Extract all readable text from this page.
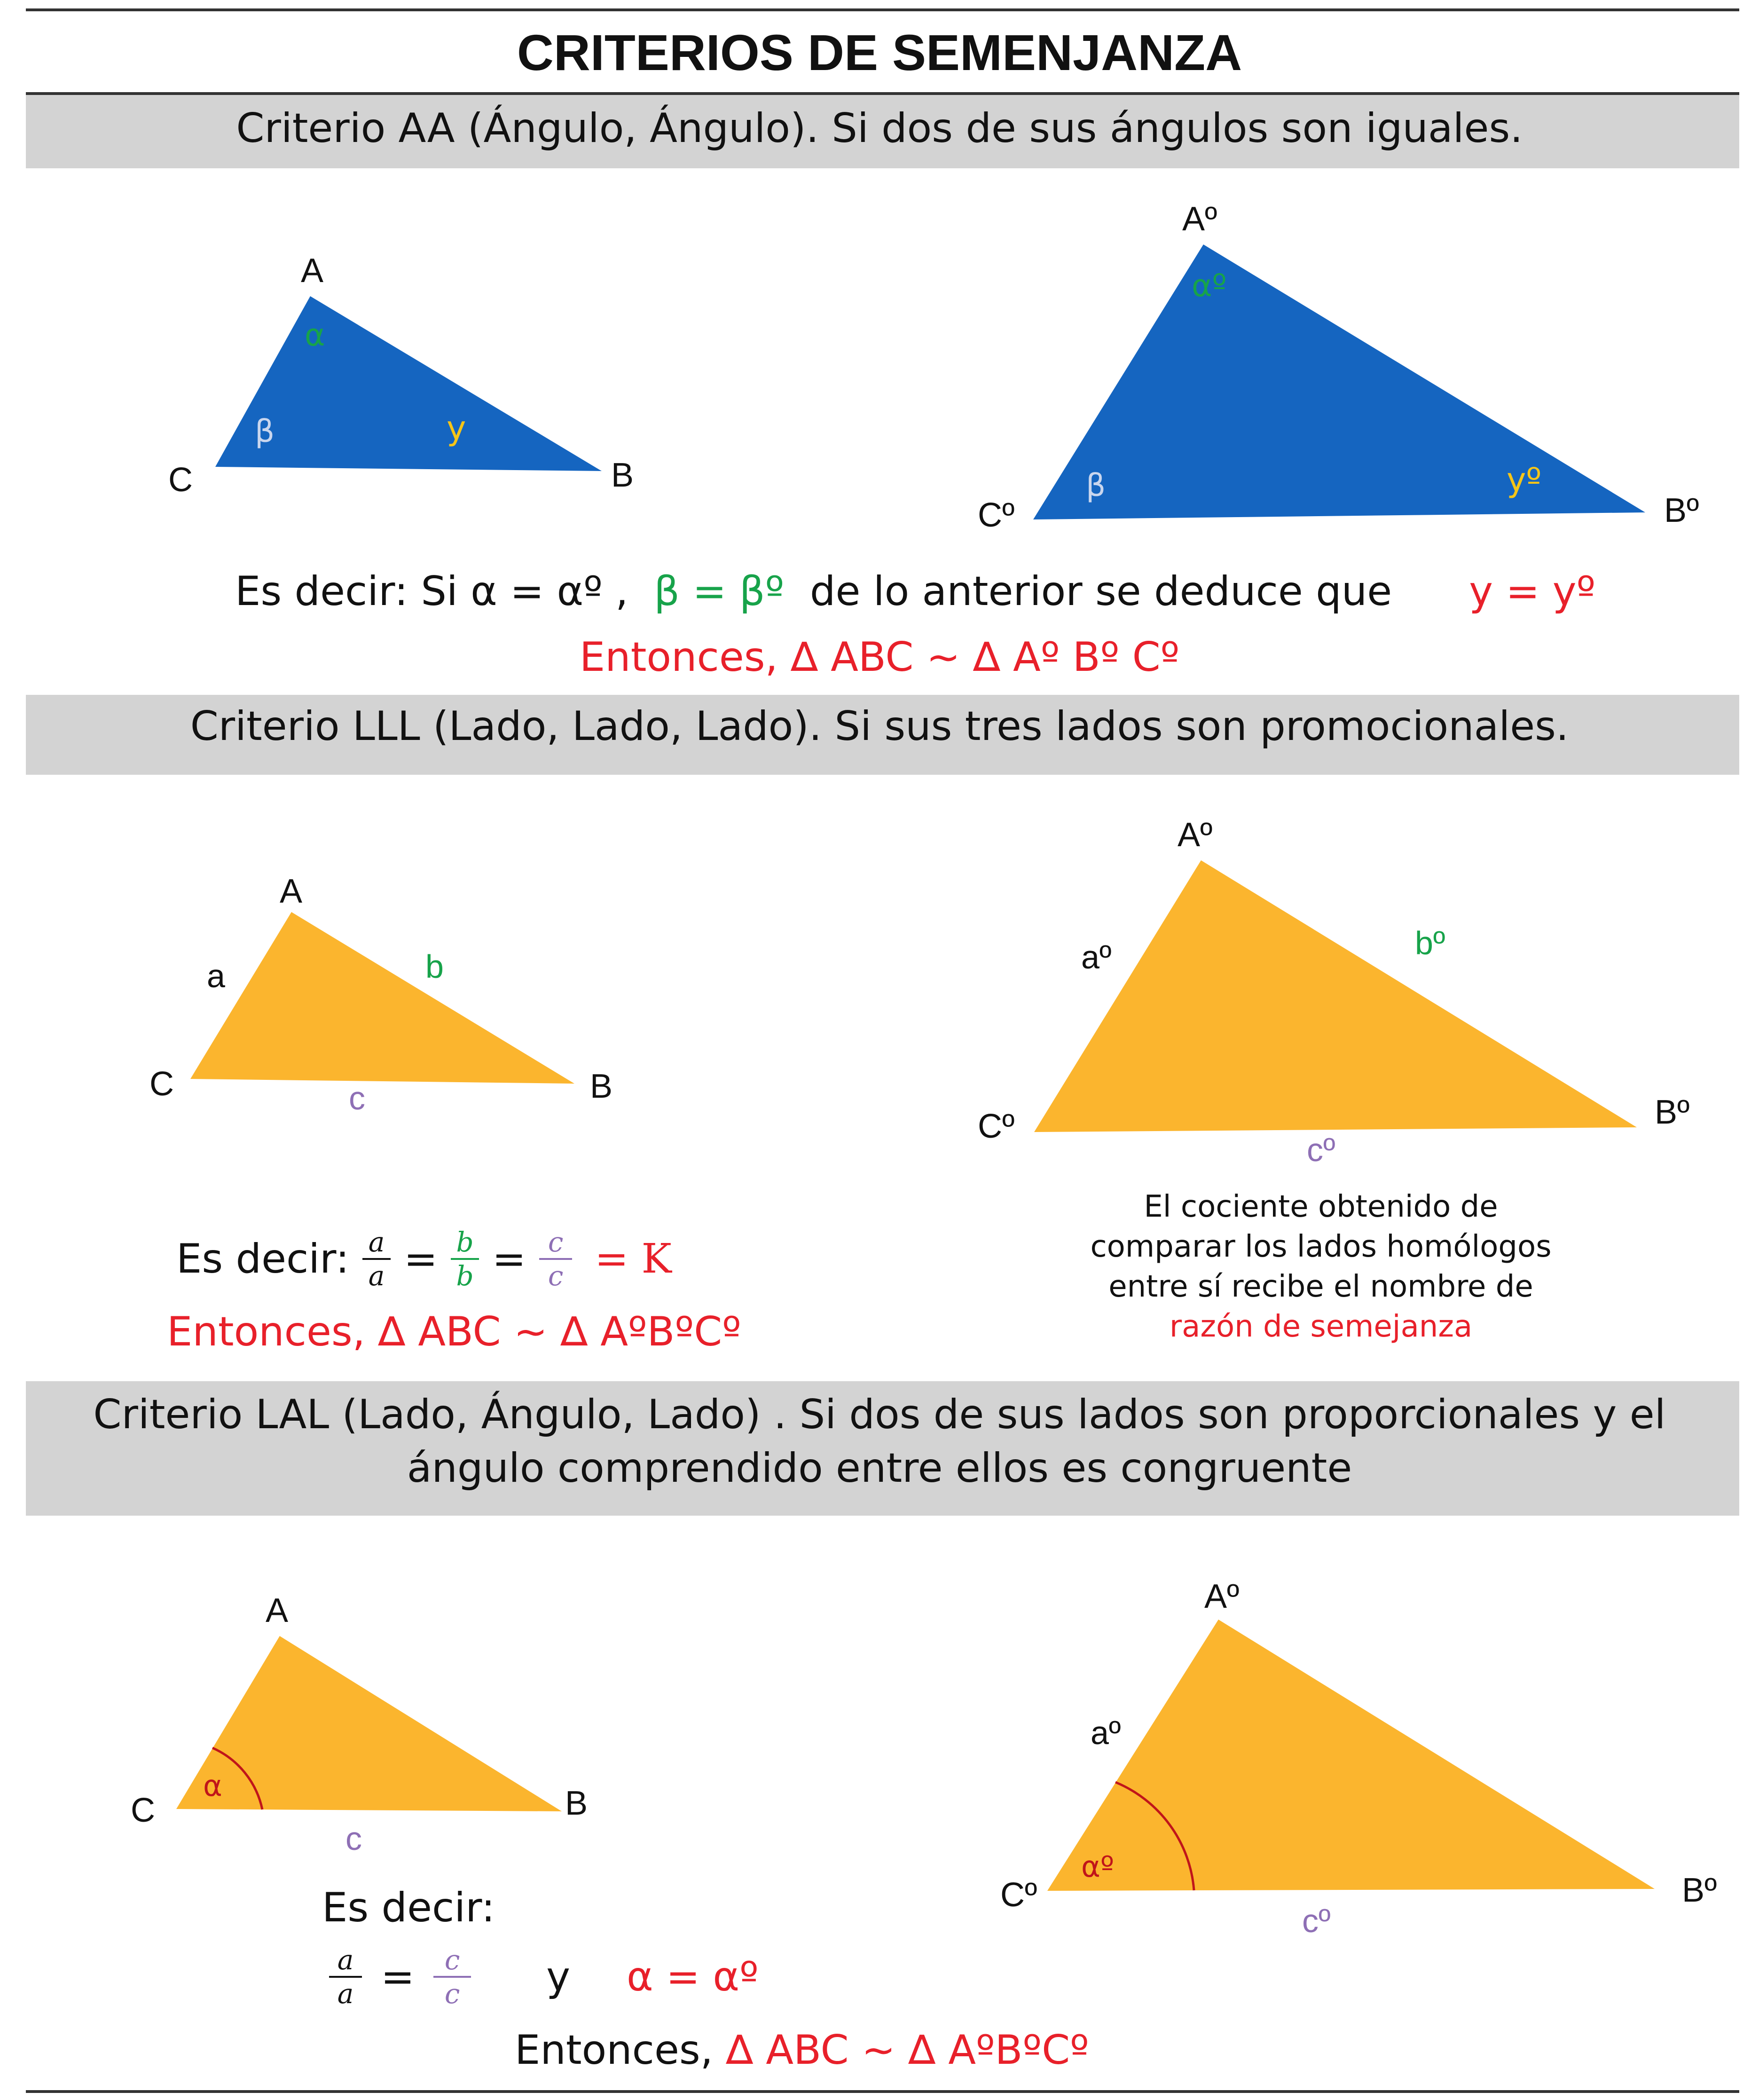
CRITERIOS DE SEMENJANZA
Criterio AA (Ángulo, Ángulo). Si dos de sus ángulos son iguales.
Criterio LLL (Lado, Lado, Lado). Si sus tres lados son promocionales.
Criterio LAL (Lado, Ángulo, Lado) . Si dos de sus lados son proporcionales y el
ángulo comprendido entre ellos es congruente
A
B
C
α
β	y
Aº
Bº
Cº
αº
β	yº
A
B
C
a	b
c
Aº
Bº
Cº
aº	bº
cº
A
B
C
c
α
Aº
Bº
Cº
aº
cº
αº
Es decir: Si α = αº , β = βº de lo anterior se deduce que y = yº
Entonces, ∆ ABC ~ ∆ Aº Bº Cº
Es decir: $\frac{a}{a} = \frac{b}{b} = \frac{c}{c} = K$
Entonces, ∆ ABC ~ ∆ AºBºCº
El cociente obtenido de
comparar los lados homólogos
entre sí recibe el nombre de
razón de semejanza
Es decir:
$\frac{a}{a} = \frac{c}{c}$ y α = αº
Entonces, ∆ ABC ~ ∆ AºBºCº
